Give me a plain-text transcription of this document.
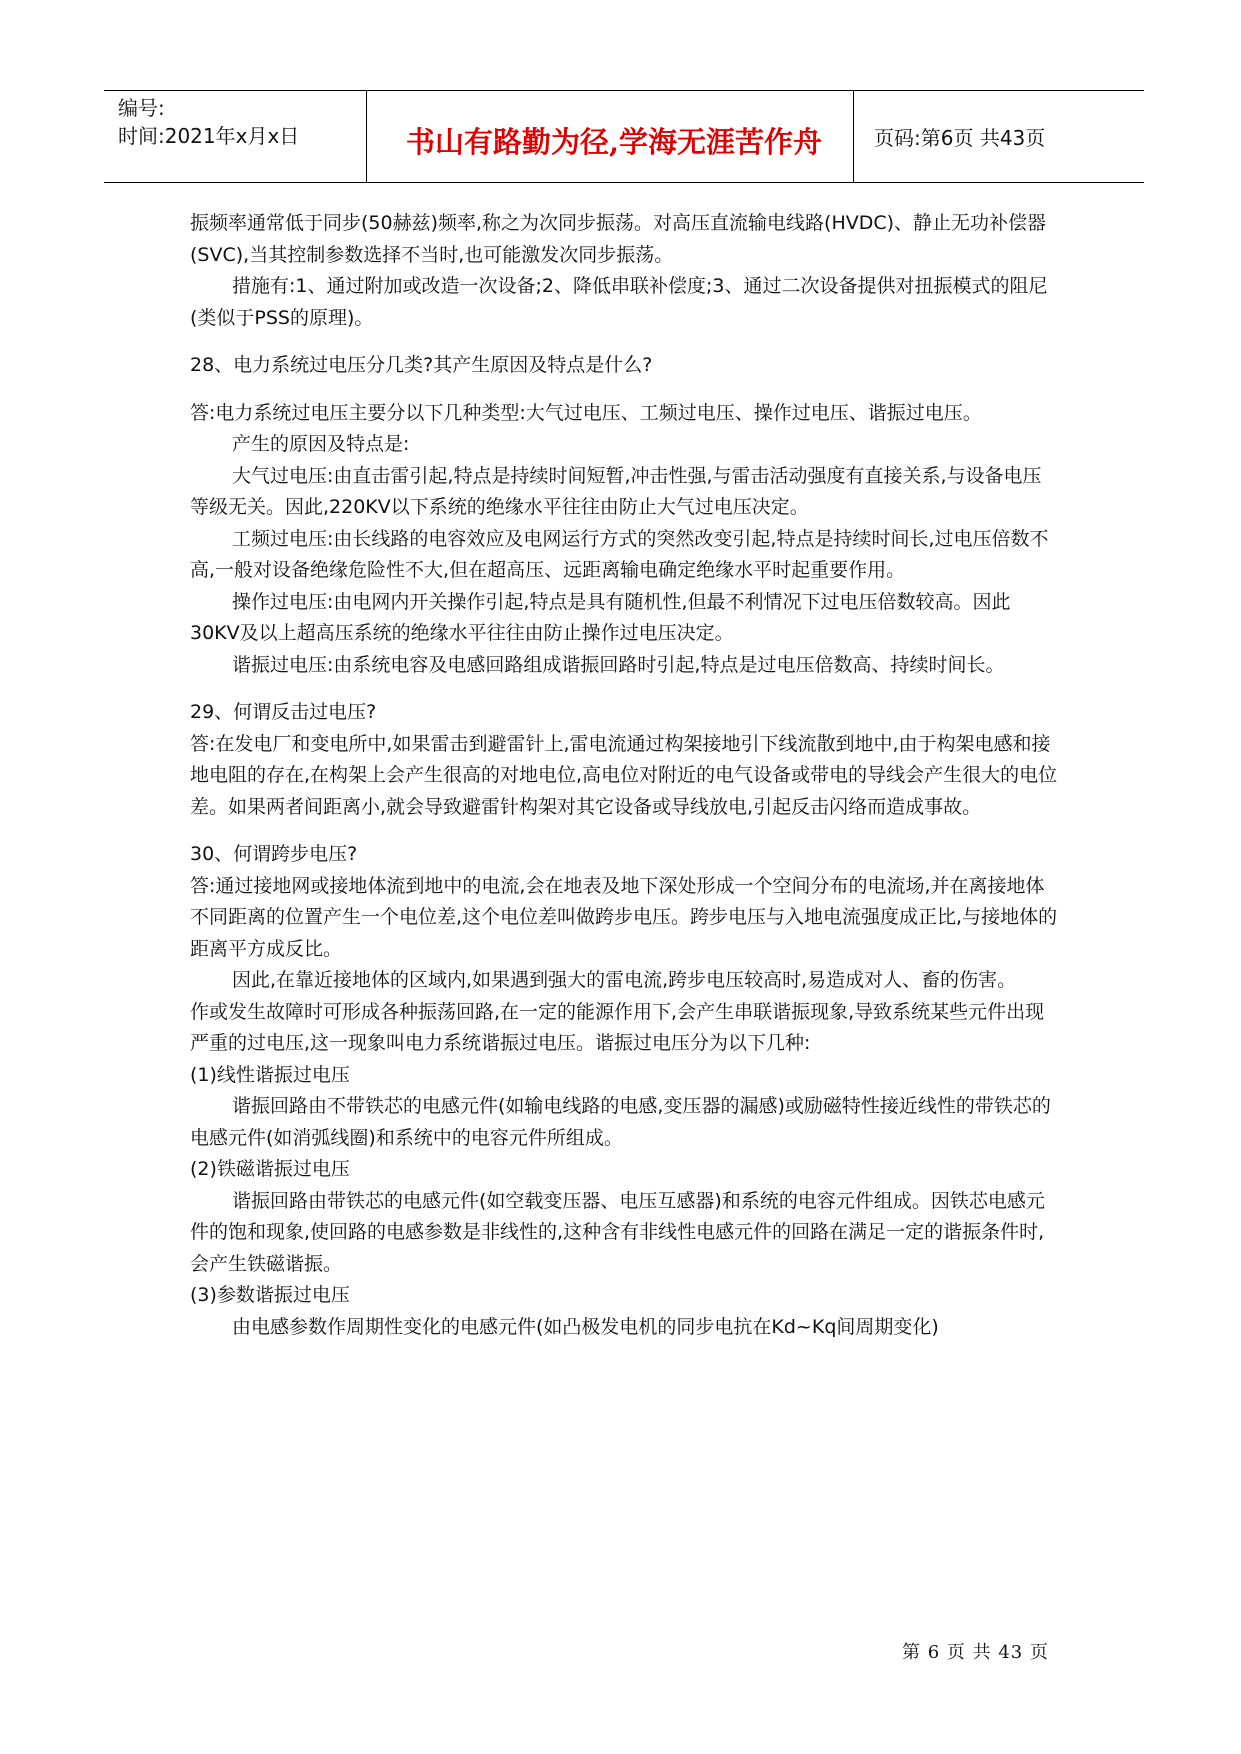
编号:
时间:2021年x月x日	书山有路勤为径,学海无涯苦作舟	页码:第6页 共43页

振频率通常低于同步(50赫兹)频率,称之为次同步振荡。对高压直流输电线路(HVDC)、静止无功补偿器(SVC),当其控制参数选择不当时,也可能激发次同步振荡。

措施有:1、通过附加或改造一次设备;2、降低串联补偿度;3、通过二次设备提供对扭振模式的阻尼(类似于PSS的原理)。

28、电力系统过电压分几类?其产生原因及特点是什么?

答:电力系统过电压主要分以下几种类型:大气过电压、工频过电压、操作过电压、谐振过电压。

产生的原因及特点是:

大气过电压:由直击雷引起,特点是持续时间短暂,冲击性强,与雷击活动强度有直接关系,与设备电压等级无关。因此,220KV以下系统的绝缘水平往往由防止大气过电压决定。

工频过电压:由长线路的电容效应及电网运行方式的突然改变引起,特点是持续时间长,过电压倍数不高,一般对设备绝缘危险性不大,但在超高压、远距离输电确定绝缘水平时起重要作用。

操作过电压:由电网内开关操作引起,特点是具有随机性,但最不利情况下过电压倍数较高。因此30KV及以上超高压系统的绝缘水平往往由防止操作过电压决定。

谐振过电压:由系统电容及电感回路组成谐振回路时引起,特点是过电压倍数高、持续时间长。

29、何谓反击过电压?

答:在发电厂和变电所中,如果雷击到避雷针上,雷电流通过构架接地引下线流散到地中,由于构架电感和接地电阻的存在,在构架上会产生很高的对地电位,高电位对附近的电气设备或带电的导线会产生很大的电位差。如果两者间距离小,就会导致避雷针构架对其它设备或导线放电,引起反击闪络而造成事故。

30、何谓跨步电压?

答:通过接地网或接地体流到地中的电流,会在地表及地下深处形成一个空间分布的电流场,并在离接地体不同距离的位置产生一个电位差,这个电位差叫做跨步电压。跨步电压与入地电流强度成正比,与接地体的距离平方成反比。

因此,在靠近接地体的区域内,如果遇到强大的雷电流,跨步电压较高时,易造成对人、畜的伤害。

作或发生故障时可形成各种振荡回路,在一定的能源作用下,会产生串联谐振现象,导致系统某些元件出现严重的过电压,这一现象叫电力系统谐振过电压。谐振过电压分为以下几种:

(1)线性谐振过电压

谐振回路由不带铁芯的电感元件(如输电线路的电感,变压器的漏感)或励磁特性接近线性的带铁芯的电感元件(如消弧线圈)和系统中的电容元件所组成。

(2)铁磁谐振过电压

谐振回路由带铁芯的电感元件(如空载变压器、电压互感器)和系统的电容元件组成。因铁芯电感元件的饱和现象,使回路的电感参数是非线性的,这种含有非线性电感元件的回路在满足一定的谐振条件时,会产生铁磁谐振。

(3)参数谐振过电压

由电感参数作周期性变化的电感元件(如凸极发电机的同步电抗在Kd~Kq间周期变化)

第 6 页 共 43 页
